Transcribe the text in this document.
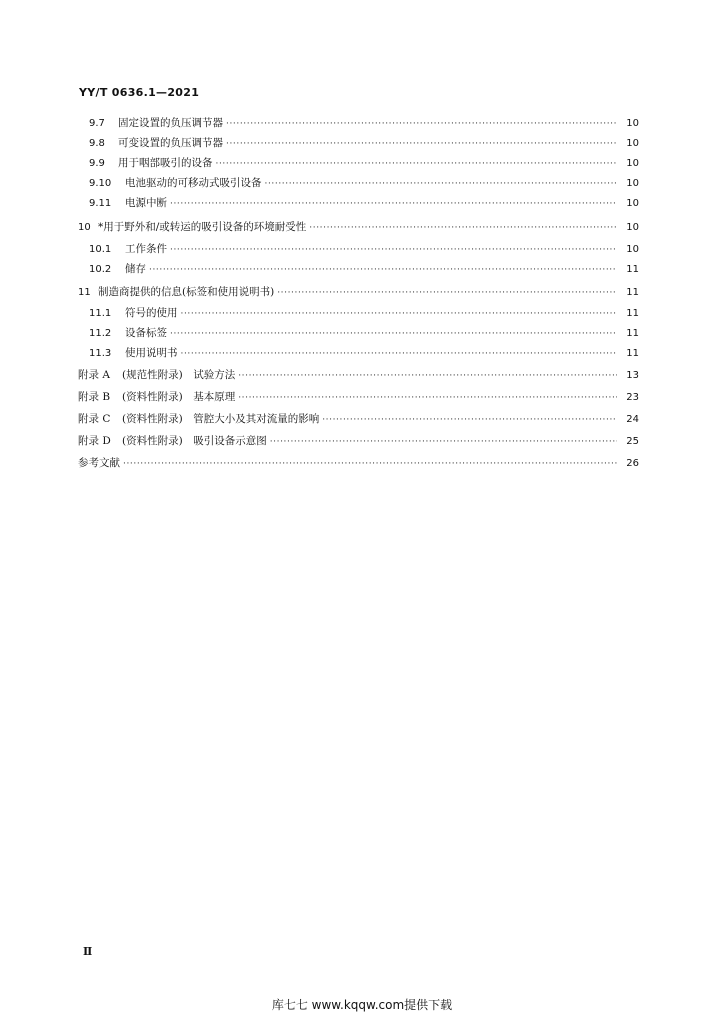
YY/T 0636.1—2021
9.7	固定设置的负压调节器 ·····	10
9.8	可变设置的负压调节器 ·····	10
9.9	用于咽部吸引的设备 ·····	10
9.10	电池驱动的可移动式吸引设备 ·····	10
9.11	电源中断 ·····	10
10 *用于野外和/或转运的吸引设备的环境耐受性 ·····	10
10.1	工作条件 ·····	10
10.2	储存 ·····	11
11 制造商提供的信息(标签和使用说明书) ·····	11
11.1	符号的使用 ·····	11
11.2	设备标签 ·····	11
11.3	使用说明书 ·····	11
附录 A	(规范性附录)　试验方法 ·····	13
附录 B	(资料性附录)　基本原理 ·····	23
附录 C	(资料性附录)　管腔大小及其对流量的影响 ·····	24
附录 D	(资料性附录)　吸引设备示意图 ·····	25
参考文献 ·····	26
Ⅱ
库七七 www.kqqw.com提供下载
